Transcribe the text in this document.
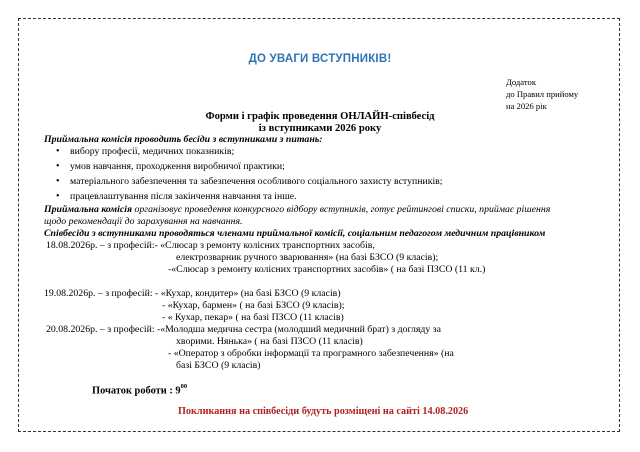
ДО УВАГИ ВСТУПНИКІВ!
Додаток
до Правил прийому
на 2026 рік
Форми і графік проведення ОНЛАЙН-співбесід
із вступниками 2026 року
Приймальна комісія проводить бесіди з вступниками з питань:
• вибору професії, медичних показників;
• умов навчання, проходження виробничої практики;
• матеріального забезпечення та забезпечення особливого соціального захисту вступників;
• працевлаштування після закінчення навчання та інше.
Приймальна комісія організовує проведення конкурсного відбору вступників, готує рейтингові списки, приймає рішення
щодо рекомендації до зарахування на навчання.
Співбесіди з вступниками проводяться членами приймальної комісії, соціальним педагогом медичним працівником
18.08.2026р. – з професій:- «Слюсар з ремонту колісних транспортних засобів,
електрозварник ручного зварювання» (на базі БЗСО (9 класів);
-«Слюсар з ремонту колісних транспортних засобів» ( на базі ПЗСО (11 кл.)
19.08.2026р. – з професій: - «Кухар, кондитер» (на базі БЗСО (9 класів)
- «Кухар, бармен» ( на базі БЗСО (9 класів);
- « Кухар, пекар» ( на базі ПЗСО (11 класів)
20.08.2026р. – з професій: -«Молодша медична сестра (молодший медичний брат) з догляду за
хворими. Нянька» ( на базі ПЗСО (11 класів)
- «Оператор з обробки інформації та програмного забезпечення» (на
базі БЗСО (9 класів)
Початок роботи : $9^{00}$
Покликання на співбесіди будуть розміщені на сайті 14.08.2026
